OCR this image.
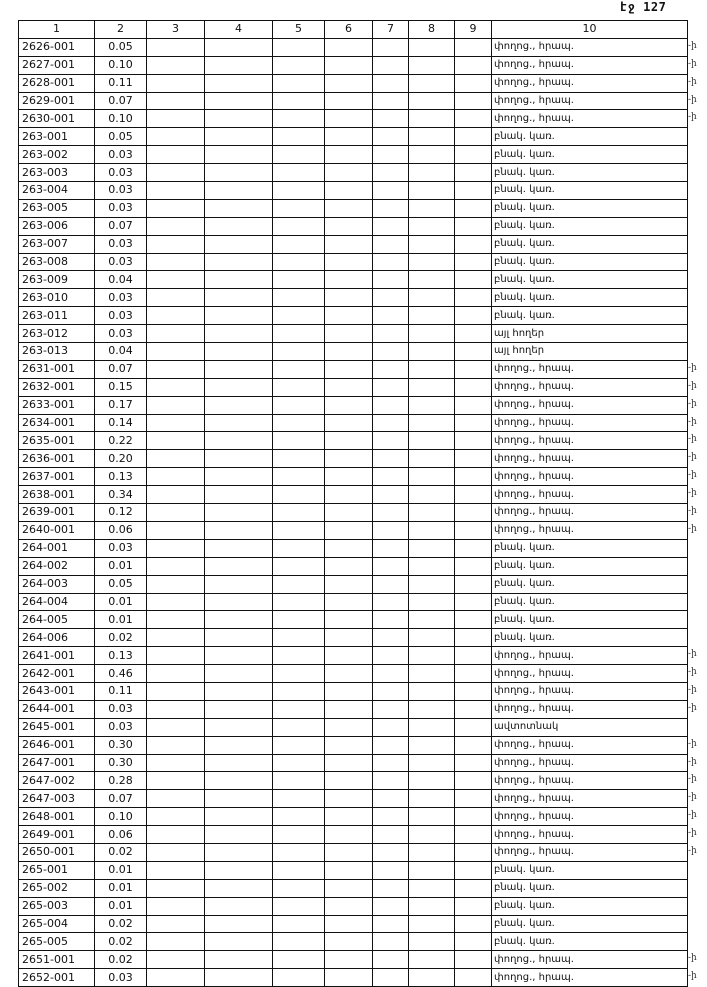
էջ 127
1	2	3	4	5	6	7	8	9	10
2626-001	0.05								փողոց., հրապ.
2627-001	0.10								փողոց., հրապ.
2628-001	0.11								փողոց., հրապ.
2629-001	0.07								փողոց., հրապ.
2630-001	0.10								փողոց., հրապ.
263-001	0.05								բնակ. կառ.
263-002	0.03								բնակ. կառ.
263-003	0.03								բնակ. կառ.
263-004	0.03								բնակ. կառ.
263-005	0.03								բնակ. կառ.
263-006	0.07								բնակ. կառ.
263-007	0.03								բնակ. կառ.
263-008	0.03								բնակ. կառ.
263-009	0.04								բնակ. կառ.
263-010	0.03								բնակ. կառ.
263-011	0.03								բնակ. կառ.
263-012	0.03								այլ հողեր
263-013	0.04								այլ հողեր
2631-001	0.07								փողոց., հրապ.
2632-001	0.15								փողոց., հրապ.
2633-001	0.17								փողոց., հրապ.
2634-001	0.14								փողոց., հրապ.
2635-001	0.22								փողոց., հրապ.
2636-001	0.20								փողոց., հրապ.
2637-001	0.13								փողոց., հրապ.
2638-001	0.34								փողոց., հրապ.
2639-001	0.12								փողոց., հրապ.
2640-001	0.06								փողոց., հրապ.
264-001	0.03								բնակ. կառ.
264-002	0.01								բնակ. կառ.
264-003	0.05								բնակ. կառ.
264-004	0.01								բնակ. կառ.
264-005	0.01								բնակ. կառ.
264-006	0.02								բնակ. կառ.
2641-001	0.13								փողոց., հրապ.
2642-001	0.46								փողոց., հրապ.
2643-001	0.11								փողոց., հրապ.
2644-001	0.03								փողոց., հրապ.
2645-001	0.03								ավտոտնակ
2646-001	0.30								փողոց., հրապ.
2647-001	0.30								փողոց., հրապ.
2647-002	0.28								փողոց., հրապ.
2647-003	0.07								փողոց., հրապ.
2648-001	0.10								փողոց., հրապ.
2649-001	0.06								փողոց., հրապ.
2650-001	0.02								փողոց., հրապ.
265-001	0.01								բնակ. կառ.
265-002	0.01								բնակ. կառ.
265-003	0.01								բնակ. կառ.
265-004	0.02								բնակ. կառ.
265-005	0.02								բնակ. կառ.
2651-001	0.02								փողոց., հրապ.
2652-001	0.03								փողոց., հրապ.
-ի
-ի
-ի
-ի
-ի
-ի
-ի
-ի
-ի
-ի
-ի
-ի
-ի
-ի
-ի
-ի
-ի
-ի
-ի
-ի
-ի
-ի
-ի
-ի
-ի
-ի
-ի
-ի
